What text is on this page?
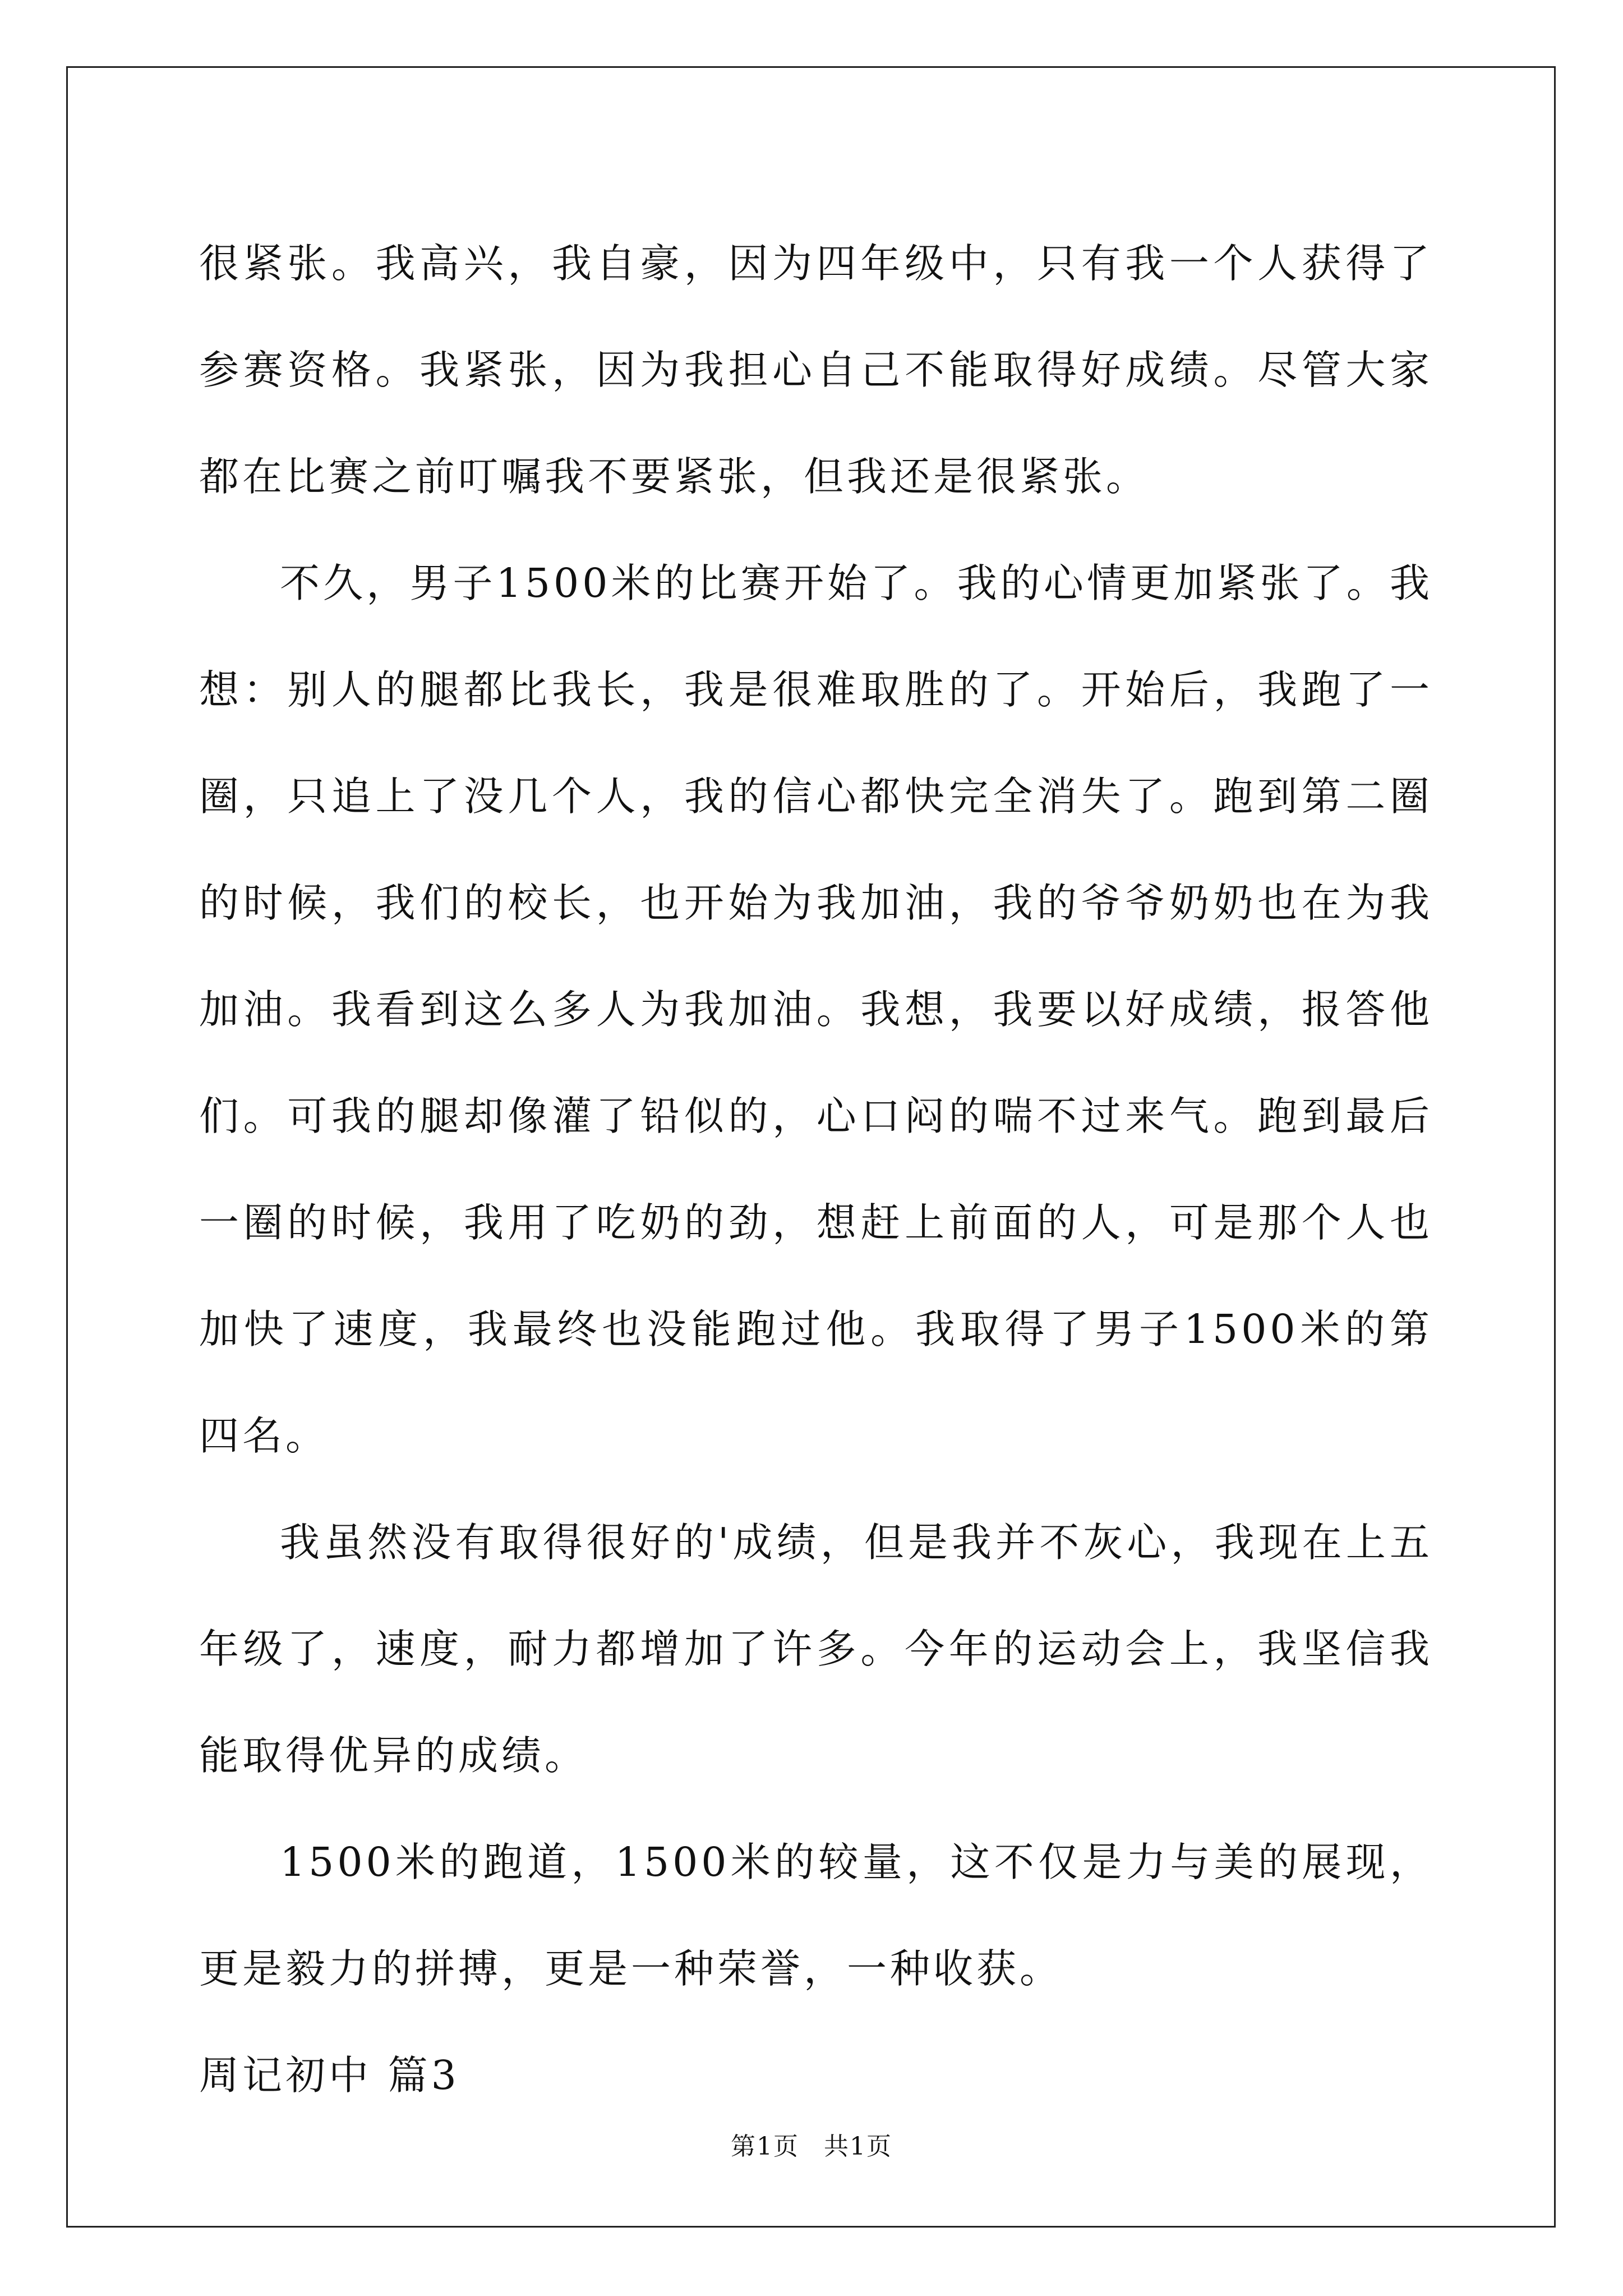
很紧张。我高兴，我自豪，因为四年级中，只有我一个人获得了参赛资格。我紧张，因为我担心自己不能取得好成绩。尽管大家都在比赛之前叮嘱我不要紧张，但我还是很紧张。

不久，男子1500米的比赛开始了。我的心情更加紧张了。我想：别人的腿都比我长，我是很难取胜的了。开始后，我跑了一圈，只追上了没几个人，我的信心都快完全消失了。跑到第二圈的时候，我们的校长，也开始为我加油，我的爷爷奶奶也在为我加油。我看到这么多人为我加油。我想，我要以好成绩，报答他们。可我的腿却像灌了铅似的，心口闷的喘不过来气。跑到最后一圈的时候，我用了吃奶的劲，想赶上前面的人，可是那个人也加快了速度，我最终也没能跑过他。我取得了男子1500米的第四名。

我虽然没有取得很好的'成绩，但是我并不灰心，我现在上五年级了，速度，耐力都增加了许多。今年的运动会上，我坚信我能取得优异的成绩。

1500米的跑道，1500米的较量，这不仅是力与美的展现，更是毅力的拼搏，更是一种荣誉，一种收获。

周记初中 篇3

第1页 共1页
